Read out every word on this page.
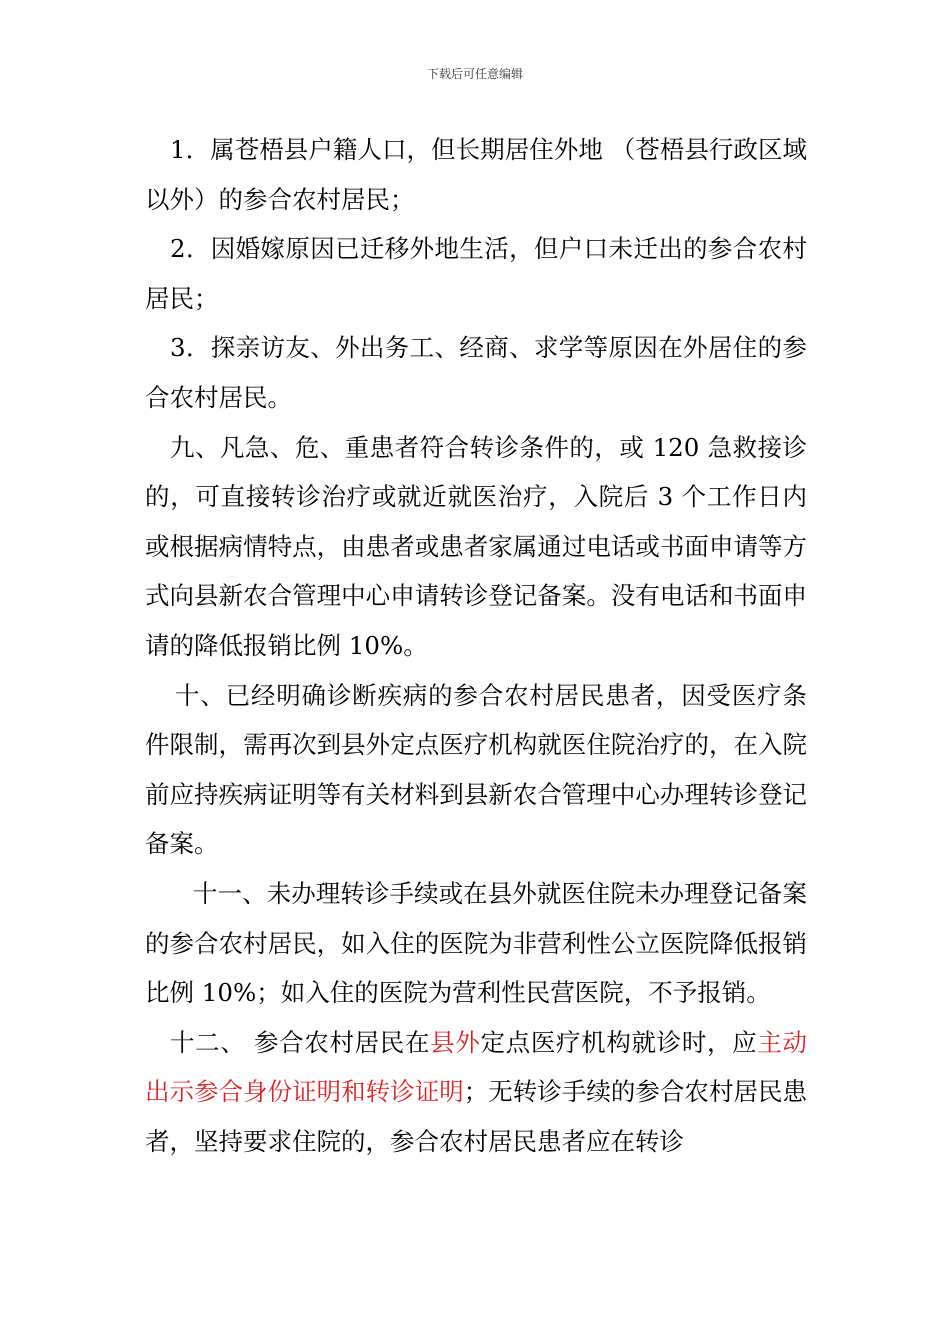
下载后可任意编辑

1．属苍梧县户籍人口，但长期居住外地 （苍梧县行政区域以外）的参合农村居民；

2．因婚嫁原因已迁移外地生活，但户口未迁出的参合农村居民；

3．探亲访友、外出务工、经商、求学等原因在外居住的参合农村居民。

九、凡急、危、重患者符合转诊条件的，或 120 急救接诊的，可直接转诊治疗或就近就医治疗，入院后 3 个工作日内或根据病情特点，由患者或患者家属通过电话或书面申请等方式向县新农合管理中心申请转诊登记备案。没有电话和书面申请的降低报销比例 10%。

十、已经明确诊断疾病的参合农村居民患者，因受医疗条件限制，需再次到县外定点医疗机构就医住院治疗的，在入院前应持疾病证明等有关材料到县新农合管理中心办理转诊登记备案。

十一、未办理转诊手续或在县外就医住院未办理登记备案的参合农村居民，如入住的医院为非营利性公立医院降低报销比例 10%；如入住的医院为营利性民营医院，不予报销。

十二、 参合农村居民在县外定点医疗机构就诊时，应主动出示参合身份证明和转诊证明；无转诊手续的参合农村居民患者，坚持要求住院的，参合农村居民患者应在转诊
